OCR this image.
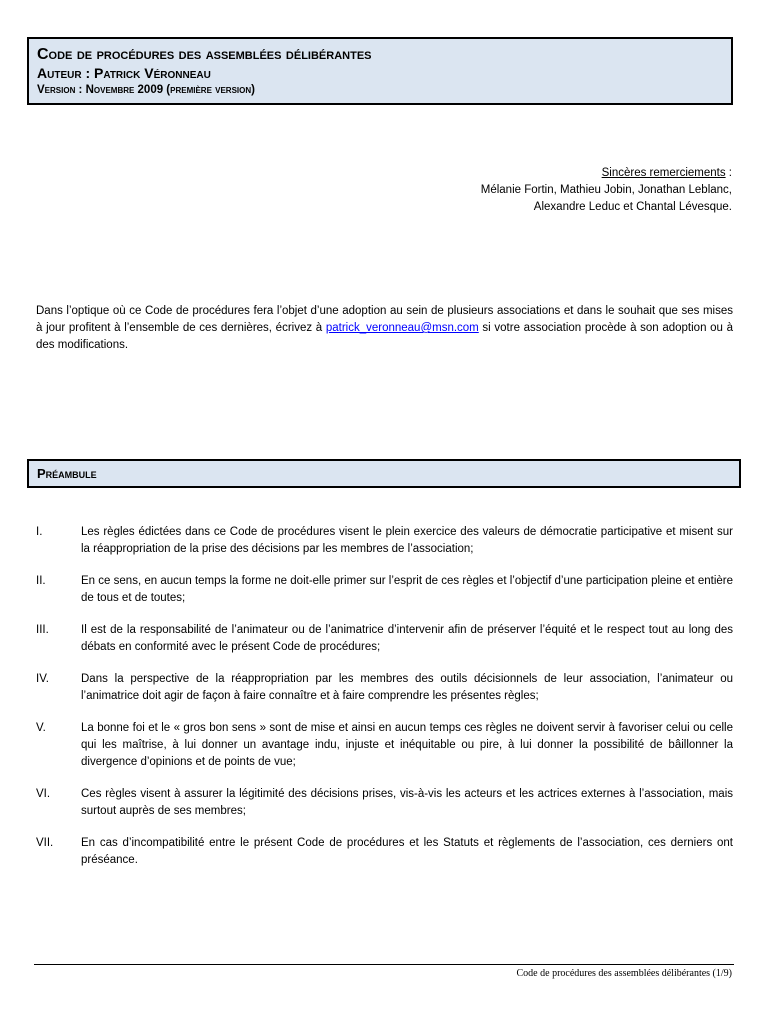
Code de procédures des assemblées délibérantes
Auteur : Patrick Véronneau
Version : Novembre 2009 (première version)
Sincères remerciements :
Mélanie Fortin, Mathieu Jobin, Jonathan Leblanc,
Alexandre Leduc et Chantal Lévesque.
Dans l’optique où ce Code de procédures fera l’objet d’une adoption au sein de plusieurs associations et dans le souhait que ses mises à jour profitent à l’ensemble de ces dernières, écrivez à patrick_veronneau@msn.com si votre association procède à son adoption ou à des modifications.
Préambule
I.	Les règles édictées dans ce Code de procédures visent le plein exercice des valeurs de démocratie participative et misent sur la réappropriation de la prise des décisions par les membres de l’association;
II.	En ce sens, en aucun temps la forme ne doit-elle primer sur l’esprit de ces règles et l’objectif d’une participation pleine et entière de tous et de toutes;
III.	Il est de la responsabilité de l’animateur ou de l’animatrice d’intervenir afin de préserver l’équité et le respect tout au long des débats en conformité avec le présent Code de procédures;
IV.	Dans la perspective de la réappropriation par les membres des outils décisionnels de leur association, l’animateur ou l’animatrice doit agir de façon à faire connaître et à faire comprendre les présentes règles;
V.	La bonne foi et le « gros bon sens » sont de mise et ainsi en aucun temps ces règles ne doivent servir à favoriser celui ou celle qui les maîtrise, à lui donner un avantage indu, injuste et inéquitable ou pire, à lui donner la possibilité de bâillonner la divergence d’opinions et de points de vue;
VI.	Ces règles visent à assurer la légitimité des décisions prises, vis-à-vis les acteurs et les actrices externes à l’association, mais surtout auprès de ses membres;
VII.	En cas d’incompatibilité entre le présent Code de procédures et les Statuts et règlements de l’association, ces derniers ont préséance.
Code de procédures des assemblées délibérantes (1/9)
